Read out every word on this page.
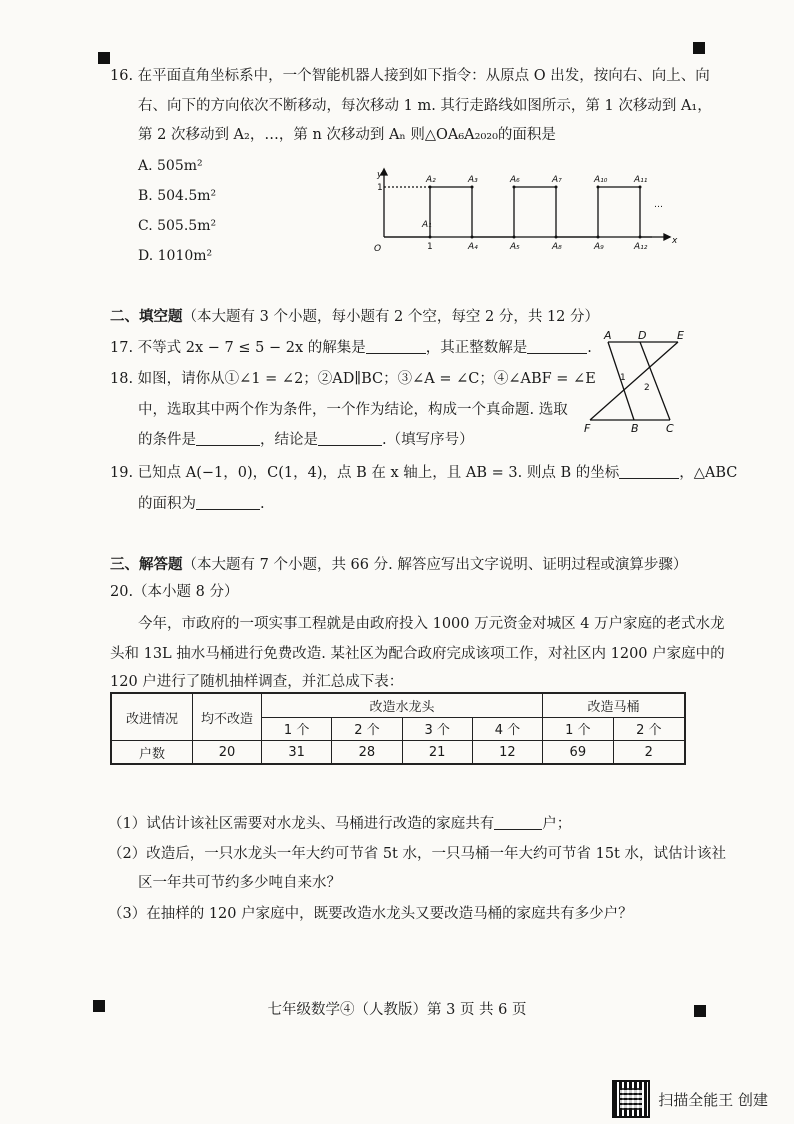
16. 在平面直角坐标系中，一个智能机器人接到如下指令：从原点 O 出发，按向右、向上、向
右、向下的方向依次不断移动，每次移动 1 m. 其行走路线如图所示，第 1 次移动到 A₁，
第 2 次移动到 A₂，…，第 n 次移动到 Aₙ 则△OA₆A₂₀₂₀的面积是
A. 505m²
B. 504.5m²
C. 505.5m²
D. 1010m²
y
x
O	1
1
A₁
A₂	A₃
A₄	A₅
A₆	A₇
A₈	A₉
A₁₀	A₁₁
A₁₂
…
二、填空题（本大题有 3 个小题，每小题有 2 个空，每空 2 分，共 12 分）
17. 不等式 2x − 7 ≤ 5 − 2x 的解集是	，其正整数解是	.
18. 如图，请你从①∠1 = ∠2；②AD∥BC；③∠A = ∠C；④∠ABF = ∠E
中，选取其中两个作为条件，一个作为结论，构成一个真命题. 选取
的条件是	，结论是	.（填写序号）
A D	E
F	B C
1
2
19. 已知点 A(−1，0)，C(1，4)，点 B 在 x 轴上，且 AB = 3. 则点 B 的坐标	，△ABC
的面积为	.
三、解答题（本大题有 7 个小题，共 66 分. 解答应写出文字说明、证明过程或演算步骤）
20.（本小题 8 分）
今年，市政府的一项实事工程就是由政府投入 1000 万元资金对城区 4 万户家庭的老式水龙
头和 13L 抽水马桶进行免费改造. 某社区为配合政府完成该项工作，对社区内 1200 户家庭中的
120 户进行了随机抽样调查，并汇总成下表：
改进情况	均不改造	改造水龙头				改造马桶	
		1 个	2 个	3 个	4 个	1 个	2 个
户数	20	31	28	21	12	69	2
（1）试估计该社区需要对水龙头、马桶进行改造的家庭共有	户；
（2）改造后，一只水龙头一年大约可节省 5t 水，一只马桶一年大约可节省 15t 水，试估计该社
区一年共可节约多少吨自来水？
（3）在抽样的 120 户家庭中，既要改造水龙头又要改造马桶的家庭共有多少户？
七年级数学④（人教版）第 3 页 共 6 页
扫描全能王 创建
